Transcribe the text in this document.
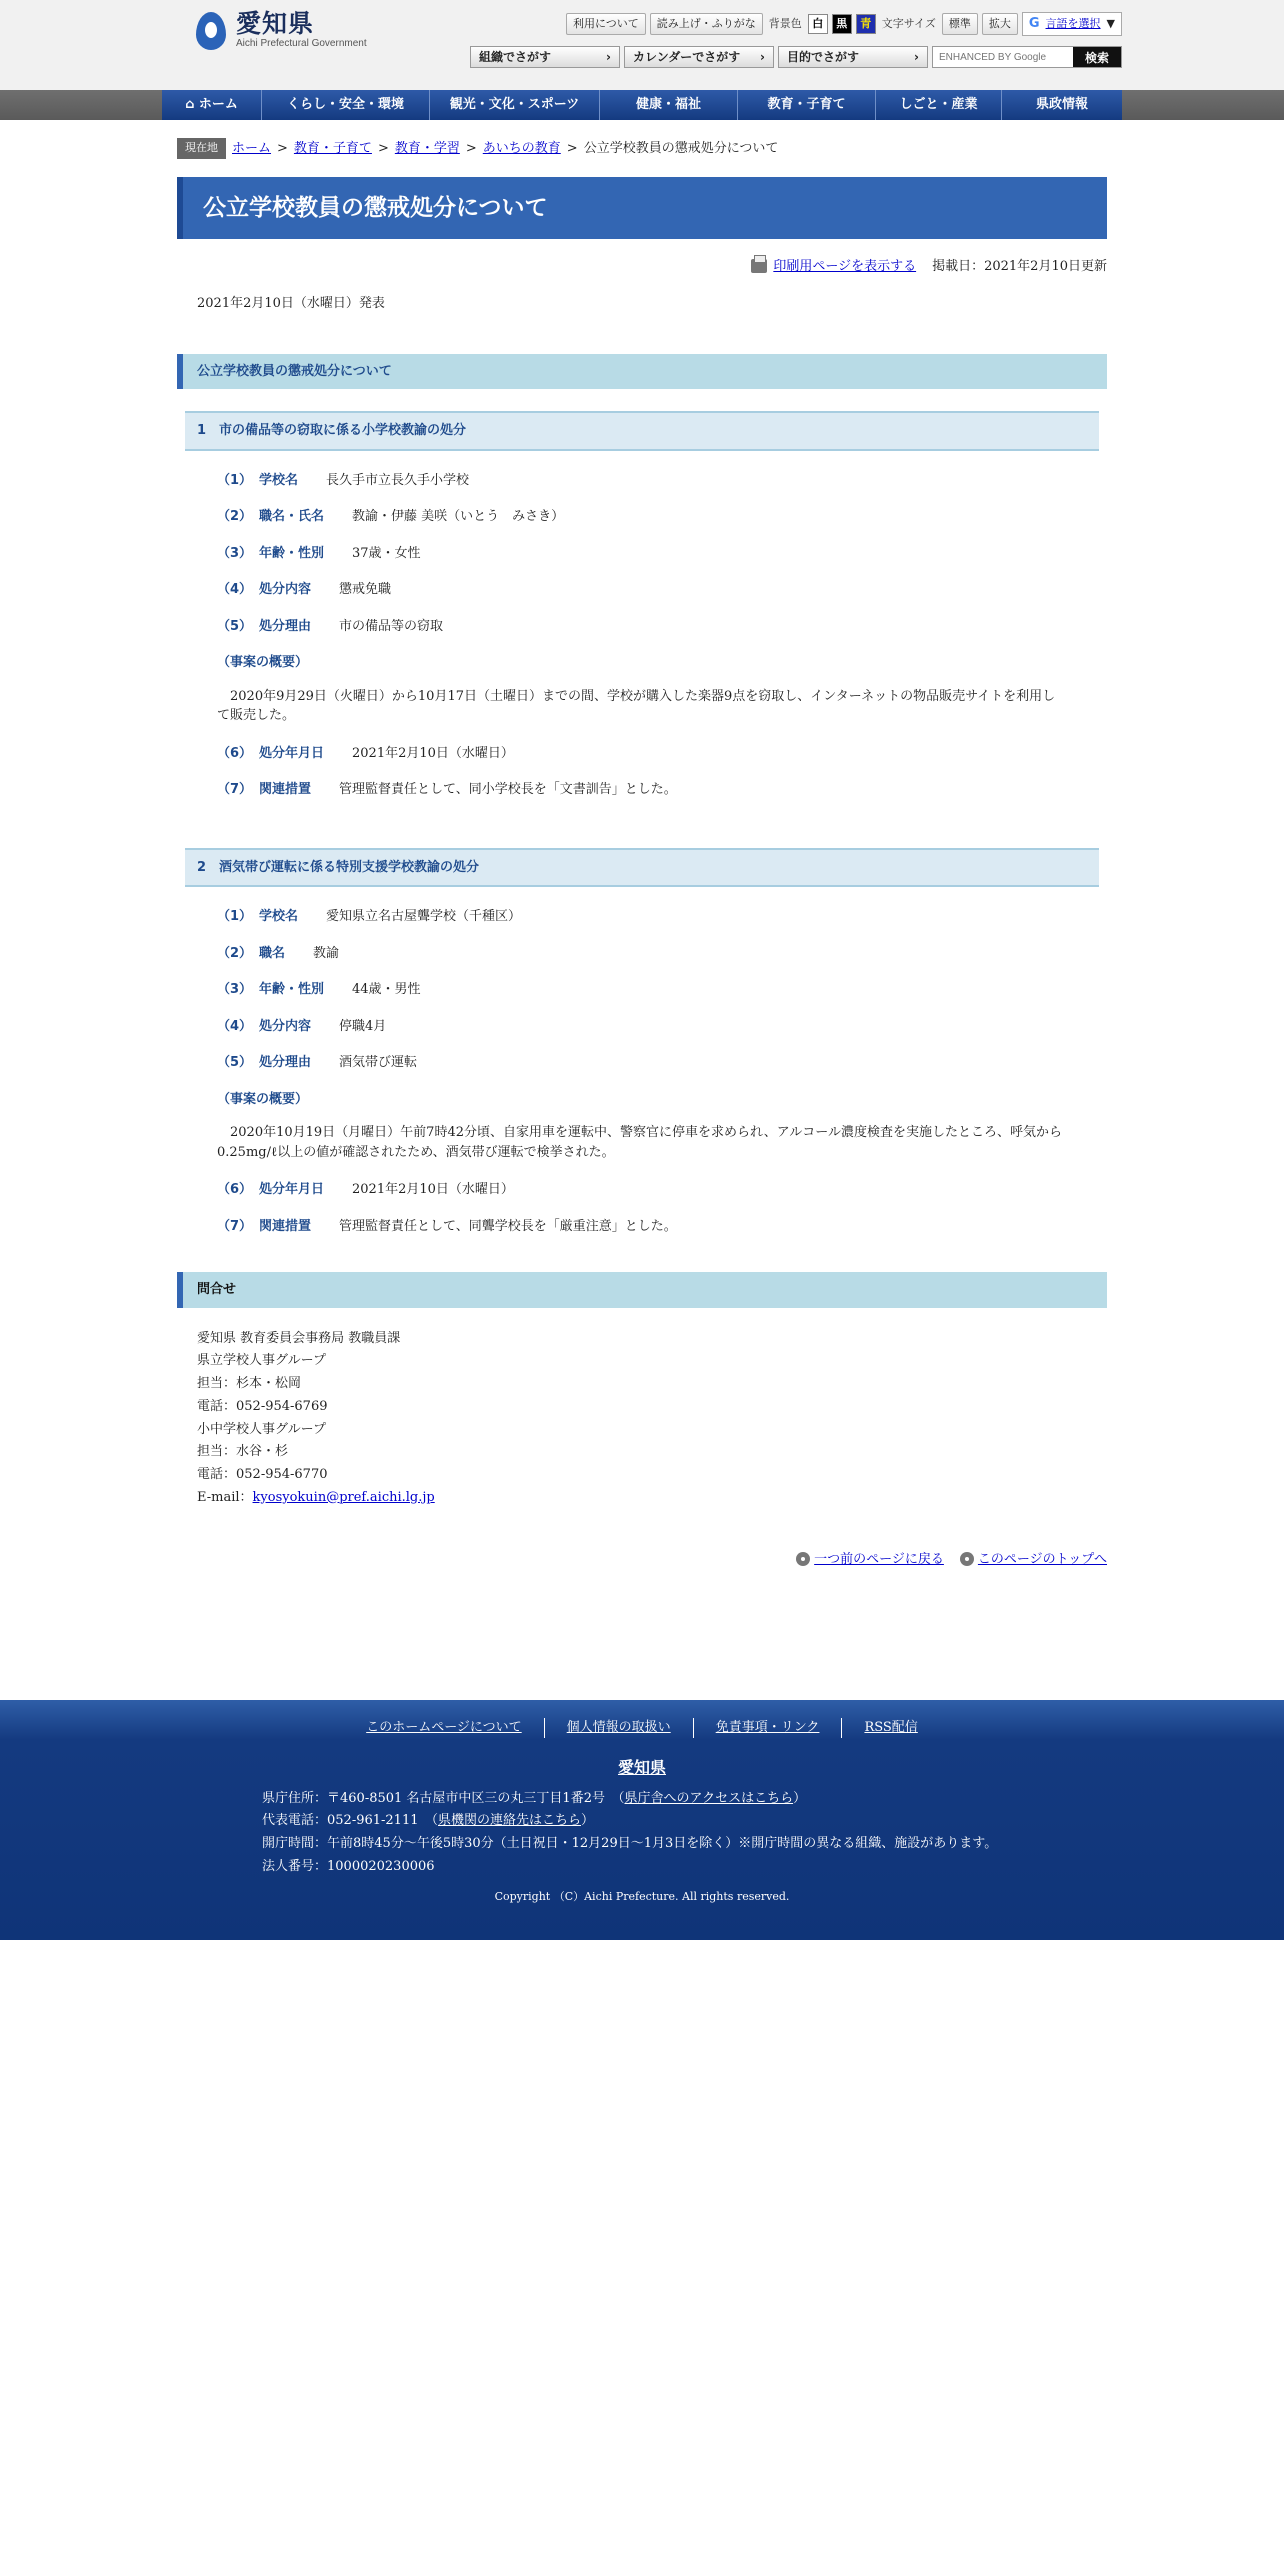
愛知県
Aichi Prefectural Government
利用について	読み上げ・ふりがな	背景色 白	黒	青 文字サイズ	標準	拡大	G 言語を選択 ▼
組織でさがす	› カレンダーでさがす › 目的でさがす	›
ENHANCED BY Google	検索
⌂ ホーム	くらし・安全・環境	観光・文化・スポーツ	健康・福祉	教育・子育て	しごと・産業	県政情報
現在地	ホーム > 教育・子育て > 教育・学習 > あいちの教育 > 公立学校教員の懲戒処分について
公立学校教員の懲戒処分について
印刷用ページを表示する 掲載日：2021年2月10日更新
2021年2月10日（水曜日）発表
公立学校教員の懲戒処分について
1　市の備品等の窃取に係る小学校教諭の処分
（1） 学校名 長久手市立長久手小学校
（2） 職名・氏名 教諭・伊藤 美咲（いとう　みさき）
（3） 年齢・性別 37歳・女性
（4） 処分内容 懲戒免職
（5） 処分理由 市の備品等の窃取
（事案の概要）

2020年9月29日（火曜日）から10月17日（土曜日）までの間、学校が購入した楽器9点を窃取し、インターネットの物品販売サイトを利用して販売した。

（6） 処分年月日 2021年2月10日（水曜日）
（7） 関連措置 管理監督責任として、同小学校長を「文書訓告」とした。
2　酒気帯び運転に係る特別支援学校教諭の処分
（1） 学校名 愛知県立名古屋聾学校（千種区）
（2） 職名 教諭
（3） 年齢・性別 44歳・男性
（4） 処分内容 停職4月
（5） 処分理由 酒気帯び運転
（事案の概要）

2020年10月19日（月曜日）午前7時42分頃、自家用車を運転中、警察官に停車を求められ、アルコール濃度検査を実施したところ、呼気から0.25mg/ℓ以上の値が確認されたため、酒気帯び運転で検挙された。

（6） 処分年月日 2021年2月10日（水曜日）
（7） 関連措置 管理監督責任として、同聾学校長を「厳重注意」とした。
問合せ
愛知県 教育委員会事務局 教職員課
県立学校人事グループ
担当：杉本・松岡
電話：052-954-6769
小中学校人事グループ
担当：水谷・杉
電話：052-954-6770
E-mail：kyosyokuin@pref.aichi.lg.jp
一つ前のページに戻る	このページのトップへ
このホームページについて	個人情報の取扱い	免責事項・リンク	RSS配信
愛知県
県庁住所：〒460-8501 名古屋市中区三の丸三丁目1番2号　（県庁舎へのアクセスはこちら）
代表電話：052-961-2111　（県機関の連絡先はこちら）
開庁時間：午前8時45分～午後5時30分（土日祝日・12月29日～1月3日を除く）※開庁時間の異なる組織、施設があります。
法人番号：1000020230006
Copyright （C）Aichi Prefecture. All rights reserved.
